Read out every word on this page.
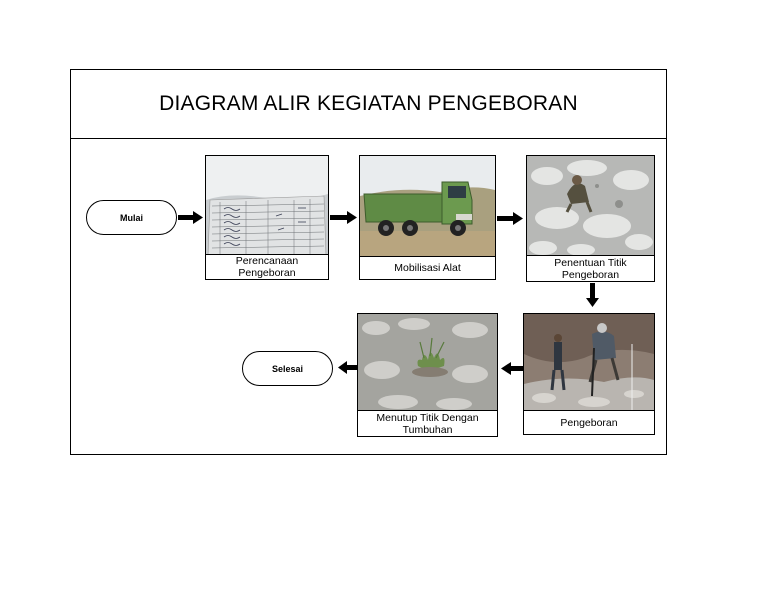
DIAGRAM ALIR KEGIATAN PENGEBORAN
Mulai
Perencanaan Pengeboran	Mobilisasi Alat	Penentuan Titik Pengeboran
Pengeboran
Menutup Titik Dengan Tumbuhan
Selesai
